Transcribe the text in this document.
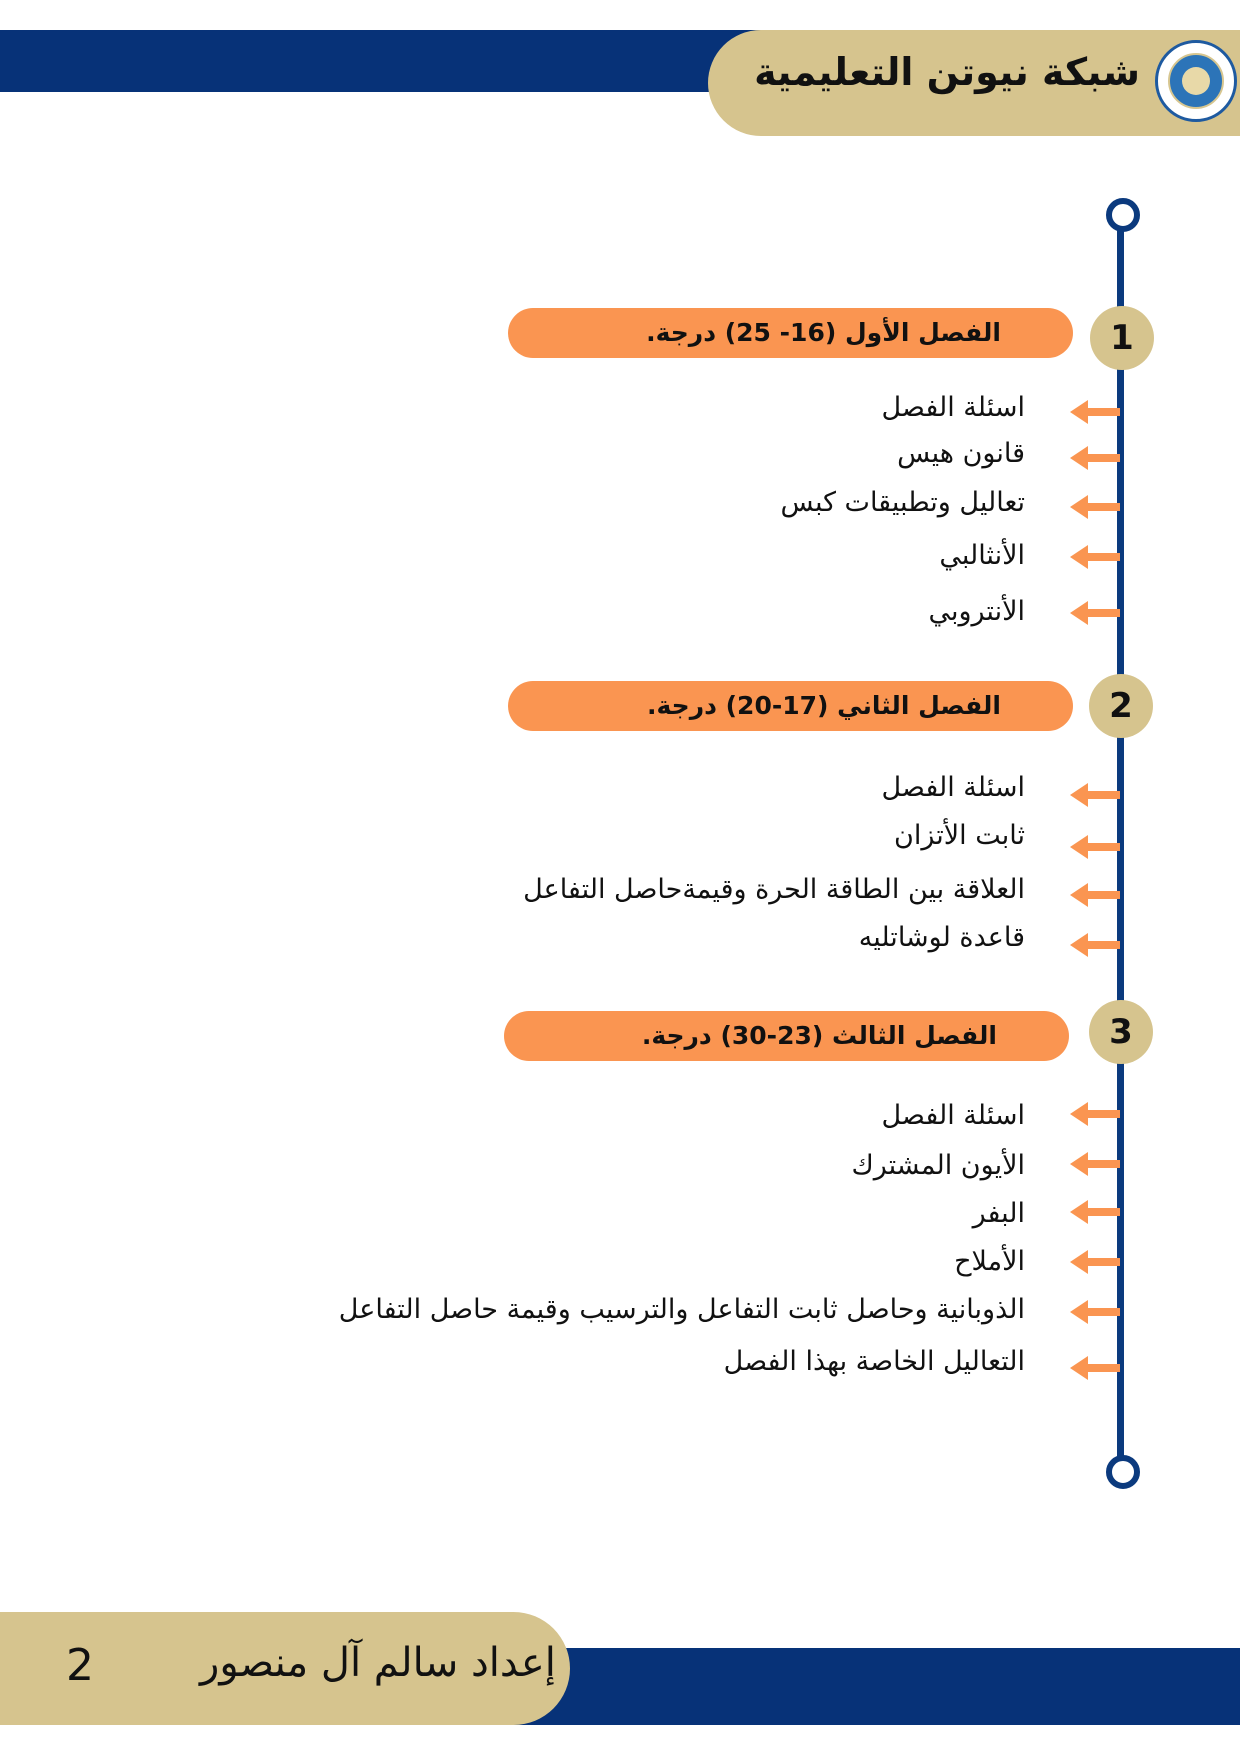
شبكة نيوتن التعليمية
1
الفصل الأول (16- 25) درجة.
اسئلة الفصل
قانون هيس
تعاليل وتطبيقات كبس
الأنثالبي
الأنتروبي
2
الفصل الثاني (17-20) درجة.
اسئلة الفصل
ثابت الأتزان
العلاقة بين الطاقة الحرة وقيمةحاصل التفاعل
قاعدة لوشاتليه
3
الفصل الثالث (23-30) درجة.
اسئلة الفصل
الأيون المشترك
البفر
الأملاح
الذوبانية وحاصل ثابت التفاعل والترسيب وقيمة حاصل التفاعل
التعاليل الخاصة بهذا الفصل
إعداد سالم آل منصور
2
